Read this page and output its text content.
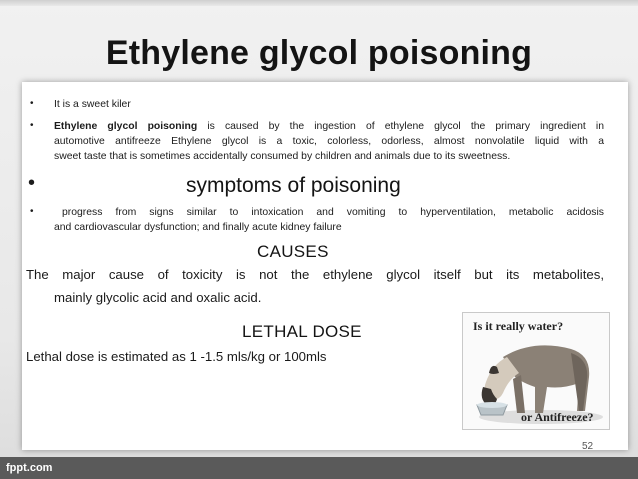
Ethylene glycol poisoning
• It is a sweet kiler
• Ethylene glycol poisoning is caused by the ingestion of ethylene glycol the primary ingredient in
automotive antifreeze Ethylene glycol is a toxic, colorless, odorless, almost nonvolatile liquid with a
sweet taste that is sometimes accidentally consumed by children and animals due to its sweetness.
•	symptoms of poisoning
•	progress from signs similar to intoxication and vomiting to hyperventilation, metabolic acidosis
and cardiovascular dysfunction; and finally acute kidney failure
CAUSES
The major cause of toxicity is not the ethylene glycol itself but its metabolites,
mainly glycolic acid and oxalic acid.
LETHAL DOSE
Lethal dose is estimated as 1 -1.5 mls/kg or 100mls
Is it really water?
or Antifreeze?
52
fppt.com
